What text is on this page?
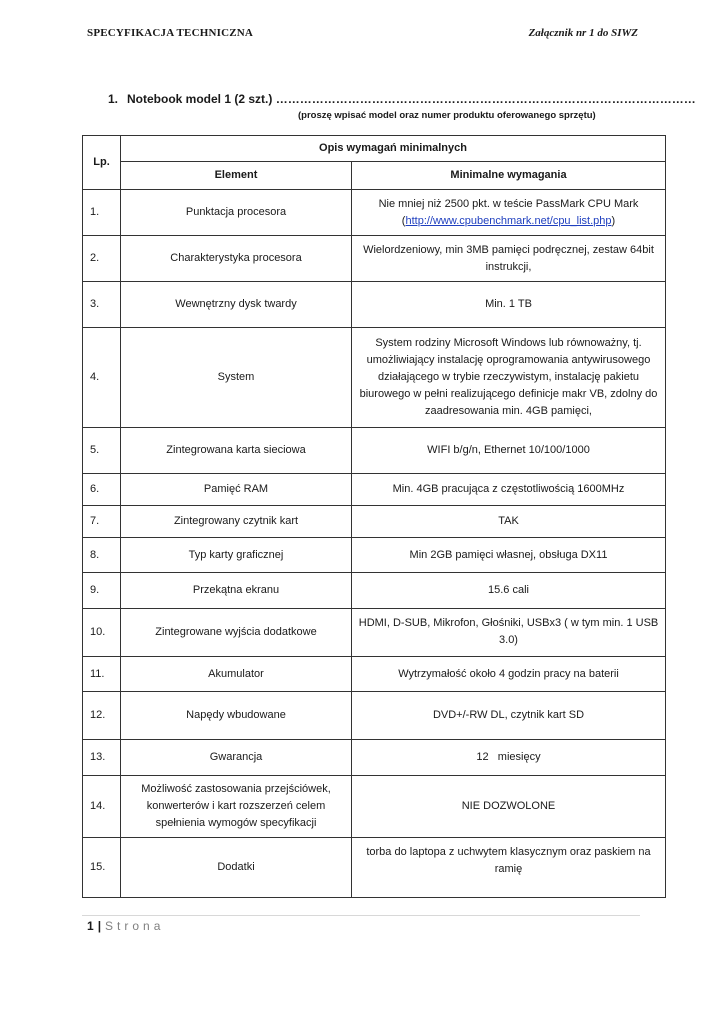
SPECYFIKACJA TECHNICZNA	Załącznik nr 1 do SIWZ
1. Notebook model 1 (2 szt.) ……………………………………………………………………………………………
(proszę wpisać model oraz numer produktu oferowanego sprzętu)
Lp.	Opis wymagań minimalnych	
	Element	Minimalne wymagania
1.	Punktacja procesora	Nie mniej niż 2500 pkt. w teście PassMark CPU Mark
(http://www.cpubenchmark.net/cpu_list.php)
2.	Charakterystyka procesora	Wielordzeniowy, min 3MB pamięci podręcznej, zestaw 64bit instrukcji,
3.	Wewnętrzny dysk twardy	Min. 1 TB
4.	System	System rodziny Microsoft Windows lub równoważny, tj. umożliwiający instalację oprogramowania antywirusowego działającego w trybie rzeczywistym, instalację pakietu biurowego w pełni realizującego definicje makr VB, zdolny do zaadresowania min. 4GB pamięci,
5.	Zintegrowana karta sieciowa	WIFI b/g/n, Ethernet 10/100/1000
6.	Pamięć RAM	Min. 4GB pracująca z częstotliwością 1600MHz
7.	Zintegrowany czytnik kart	TAK
8.	Typ karty graficznej	Min 2GB pamięci własnej, obsługa DX11
9.	Przekątna ekranu	15.6 cali
10.	Zintegrowane wyjścia dodatkowe	HDMI, D-SUB, Mikrofon, Głośniki, USBx3 ( w tym min. 1 USB 3.0)
11.	Akumulator	Wytrzymałość około 4 godzin pracy na baterii
12.	Napędy wbudowane	DVD+/-RW DL, czytnik kart SD
13.	Gwarancja	12   miesięcy
14.	Możliwość zastosowania przejściówek, konwerterów i kart rozszerzeń celem spełnienia wymogów specyfikacji	NIE DOZWOLONE
15.	Dodatki	torba do laptopa z uchwytem klasycznym oraz paskiem na ramię
1 | Strona
